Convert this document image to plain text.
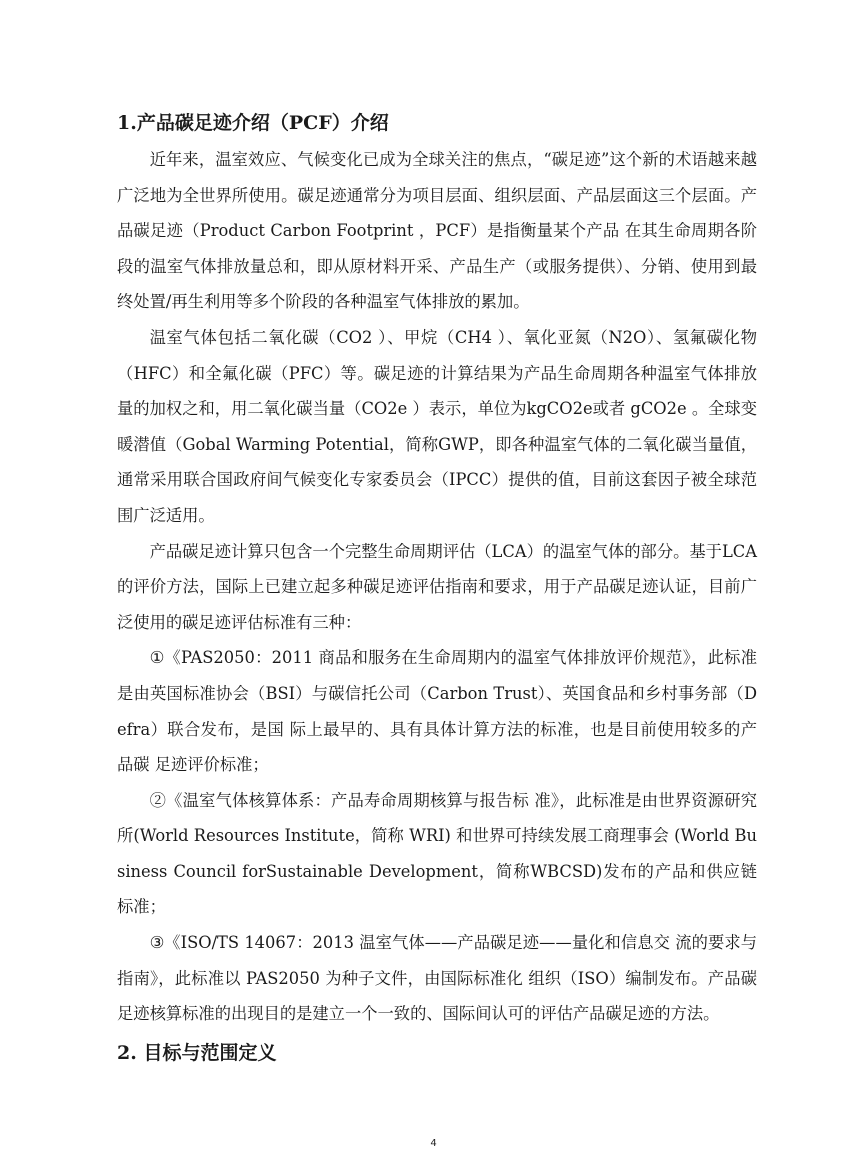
1.产品碳足迹介绍（PCF）介绍

近年来，温室效应、气候变化已成为全球关注的焦点，“碳足迹”这个新的术语越来越广泛地为全世界所使用。碳足迹通常分为项目层面、组织层面、产品层面这三个层面。产品碳足迹（Product Carbon Footprint ，PCF）是指衡量某个产品 在其生命周期各阶段的温室气体排放量总和，即从原材料开采、产品生产（或服务提供）、分销、使用到最终处置/再生利用等多个阶段的各种温室气体排放的累加。

温室气体包括二氧化碳（CO2 ）、甲烷（CH4 ）、氧化亚氮（N2O）、氢氟碳化物（HFC）和全氟化碳（PFC）等。碳足迹的计算结果为产品生命周期各种温室气体排放量的加权之和，用二氧化碳当量（CO2e ）表示，单位为kgCO2e或者 gCO2e 。全球变暖潜值（Gobal Warming Potential，简称GWP，即各种温室气体的二氧化碳当量值，通常采用联合国政府间气候变化专家委员会（IPCC）提供的值，目前这套因子被全球范围广泛适用。

产品碳足迹计算只包含一个完整生命周期评估（LCA）的温室气体的部分。基于LCA的评价方法，国际上已建立起多种碳足迹评估指南和要求，用于产品碳足迹认证，目前广泛使用的碳足迹评估标准有三种：

①《PAS2050：2011 商品和服务在生命周期内的温室气体排放评价规范》，此标准是由英国标准协会（BSI）与碳信托公司（Carbon Trust）、英国食品和乡村事务部（Defra）联合发布，是国 际上最早的、具有具体计算方法的标准，也是目前使用较多的产品碳 足迹评价标准；

②《温室气体核算体系：产品寿命周期核算与报告标 准》，此标准是由世界资源研究所(World Resources Institute，简称 WRI) 和世界可持续发展工商理事会 (World Business Council forSustainable Development，简称WBCSD)发布的产品和供应链标准；

③《ISO/TS 14067：2013 温室气体——产品碳足迹——量化和信息交 流的要求与指南》，此标准以 PAS2050 为种子文件，由国际标准化 组织（ISO）编制发布。产品碳足迹核算标准的出现目的是建立一个一致的、国际间认可的评估产品碳足迹的方法。

2. 目标与范围定义
4
